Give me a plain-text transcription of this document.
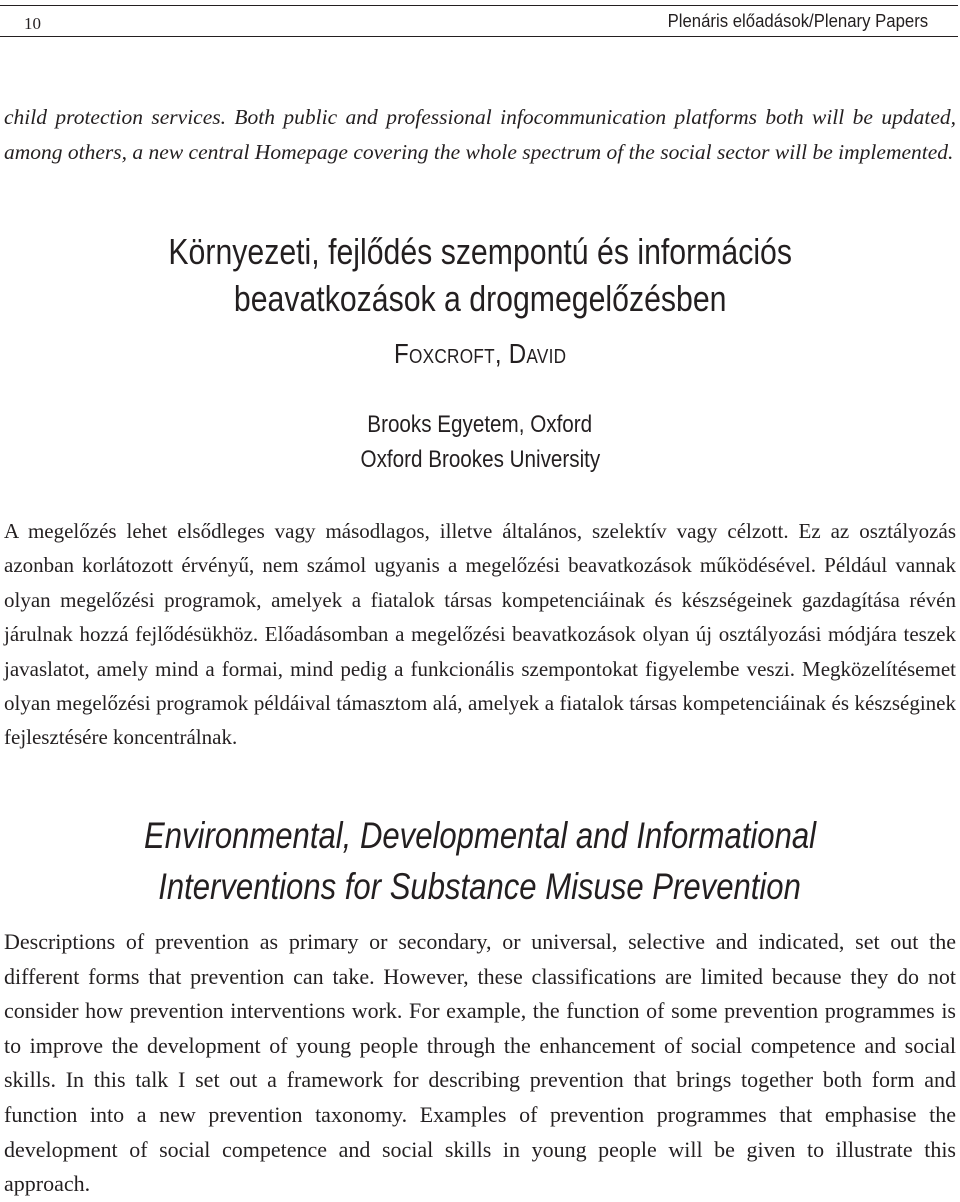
10	Plenáris előadások/Plenary Papers

child protection services. Both public and professional infocommunication platforms both will be updated, among others, a new central Homepage covering the whole spectrum of the social sector will be implemented.

Környezeti, fejlődés szempontú és információs
beavatkozások a drogmegelőzésben
Foxcroft, David
Brooks Egyetem, Oxford
Oxford Brookes University

A megelőzés lehet elsődleges vagy másodlagos, illetve általános, szelektív vagy célzott. Ez az osztályozás azonban korlátozott érvényű, nem számol ugyanis a megelőzési beavatkozások működésével. Például vannak olyan megelőzési programok, amelyek a fiatalok társas kompetenciáinak és készségeinek gazdagítása révén járulnak hozzá fejlődésükhöz. Előadásomban a megelőzési beavatkozások olyan új osztályozási módjára teszek javaslatot, amely mind a formai, mind pedig a funkcionális szempontokat figyelembe veszi. Megközelítésemet olyan megelőzési programok példáival támasztom alá, amelyek a fiatalok társas kompetenciáinak és készséginek fejlesztésére koncentrálnak.

Environmental, Developmental and Informational
Interventions for Substance Misuse Prevention

Descriptions of prevention as primary or secondary, or universal, selective and indicated, set out the different forms that prevention can take. However, these classifications are limited because they do not consider how prevention interventions work. For example, the function of some prevention programmes is to improve the development of young people through the enhancement of social competence and social skills. In this talk I set out a framework for describing prevention that brings together both form and function into a new prevention taxonomy. Examples of prevention programmes that emphasise the development of social competence and social skills in young people will be given to illustrate this approach.
